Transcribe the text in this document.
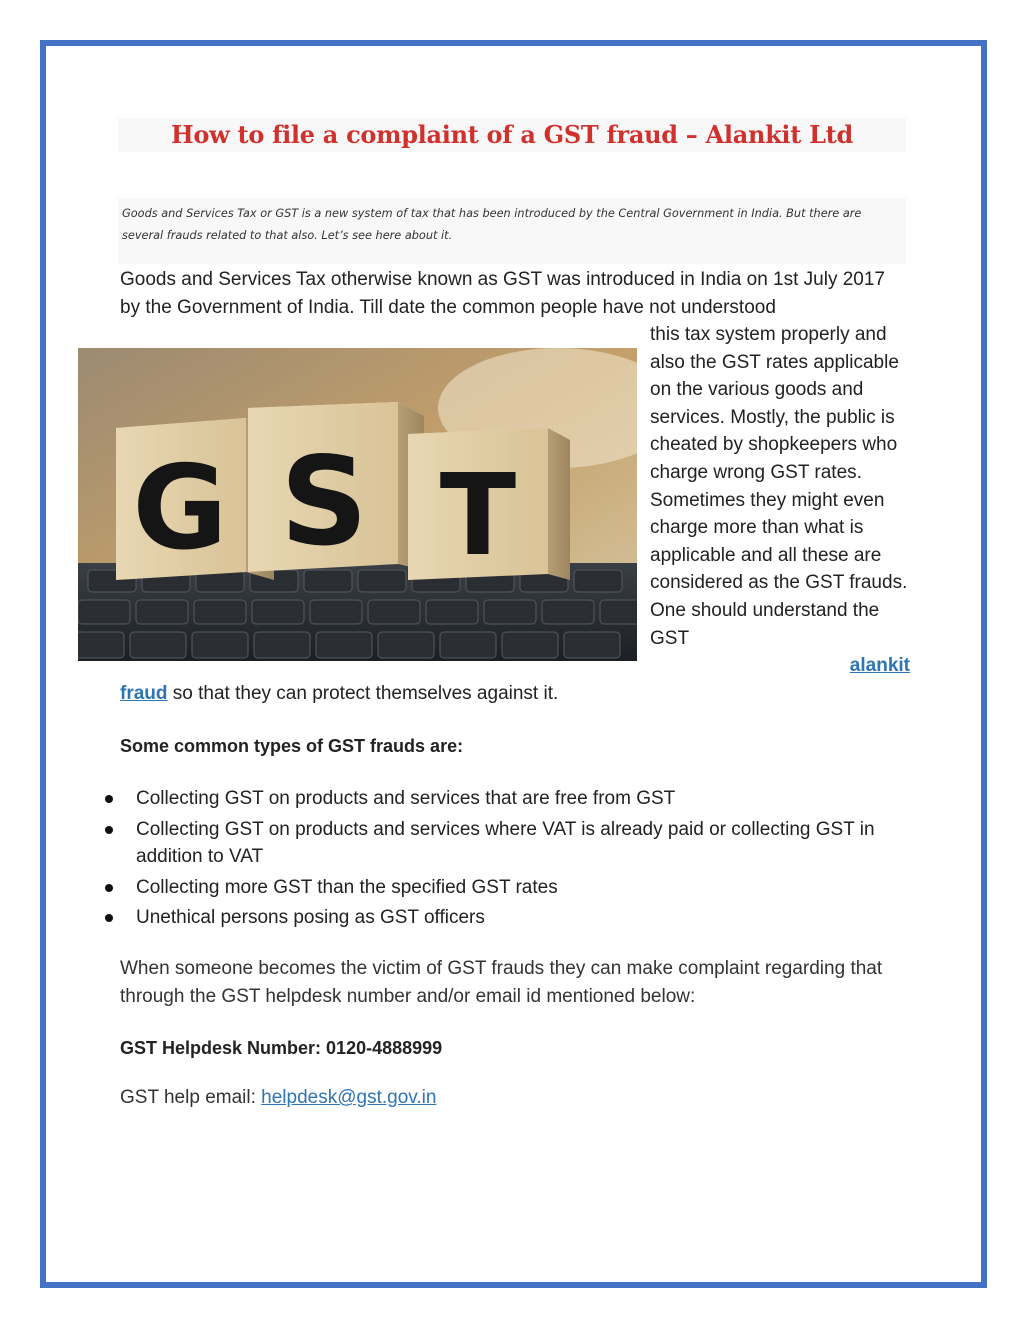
How to file a complaint of a GST fraud – Alankit Ltd

Goods and Services Tax or GST is a new system of tax that has been introduced by the Central Government in India. But there are several frauds related to that also. Let’s see here about it.

Goods and Services Tax otherwise known as GST was introduced in India on 1st July 2017 by the Government of India. Till date the common people have not understood

G S T

this tax system properly and also the GST rates applicable on the various goods and services. Mostly, the public is cheated by shopkeepers who charge wrong GST rates. Sometimes they might even charge more than what is applicable and all these are considered as the GST frauds. One should understand the GST

alankit

fraud so that they can protect themselves against it.

Some common types of GST frauds are:

Collecting GST on products and services that are free from GST
Collecting GST on products and services where VAT is already paid or collecting GST in addition to VAT
Collecting more GST than the specified GST rates
Unethical persons posing as GST officers

When someone becomes the victim of GST frauds they can make complaint regarding that through the GST helpdesk number and/or email id mentioned below:

GST Helpdesk Number: 0120-4888999

GST help email: helpdesk@gst.gov.in
